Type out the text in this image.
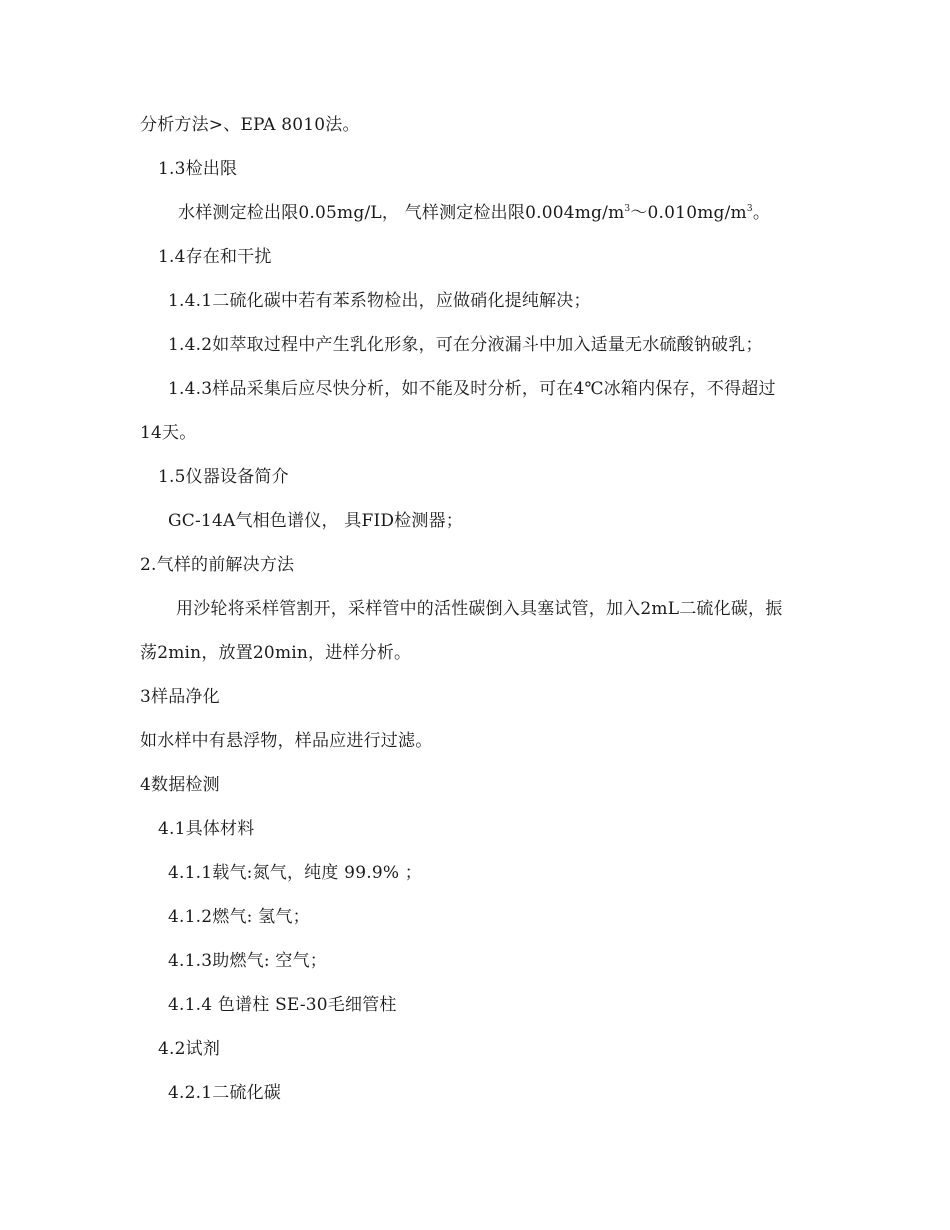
分析方法>、EPA 8010法。
1.3检出限
水样测定检出限0.05mg/L， 气样测定检出限$0.004mg/m^3\sim 0.010mg/m^3$。
1.4存在和干扰
1.4.1二硫化碳中若有苯系物检出，应做硝化提纯解决；
1.4.2如萃取过程中产生乳化形象，可在分液漏斗中加入适量无水硫酸钠破乳；
1.4.3样品采集后应尽快分析，如不能及时分析，可在4℃冰箱内保存，不得超过
14天。
1.5仪器设备简介
GC-14A气相色谱仪， 具FID检测器；
2.气样的前解决方法
用沙轮将采样管割开，采样管中的活性碳倒入具塞试管，加入2mL二硫化碳，振
荡2min，放置20min，进样分析。
3样品净化
如水样中有悬浮物，样品应进行过滤。
4数据检测
4.1具体材料
4.1.1载气:氮气，纯度 99.9% ；
4.1.2燃气: 氢气；
4.1.3助燃气: 空气；
4.1.4 色谱柱 SE-30毛细管柱
4.2试剂
4.2.1二硫化碳
